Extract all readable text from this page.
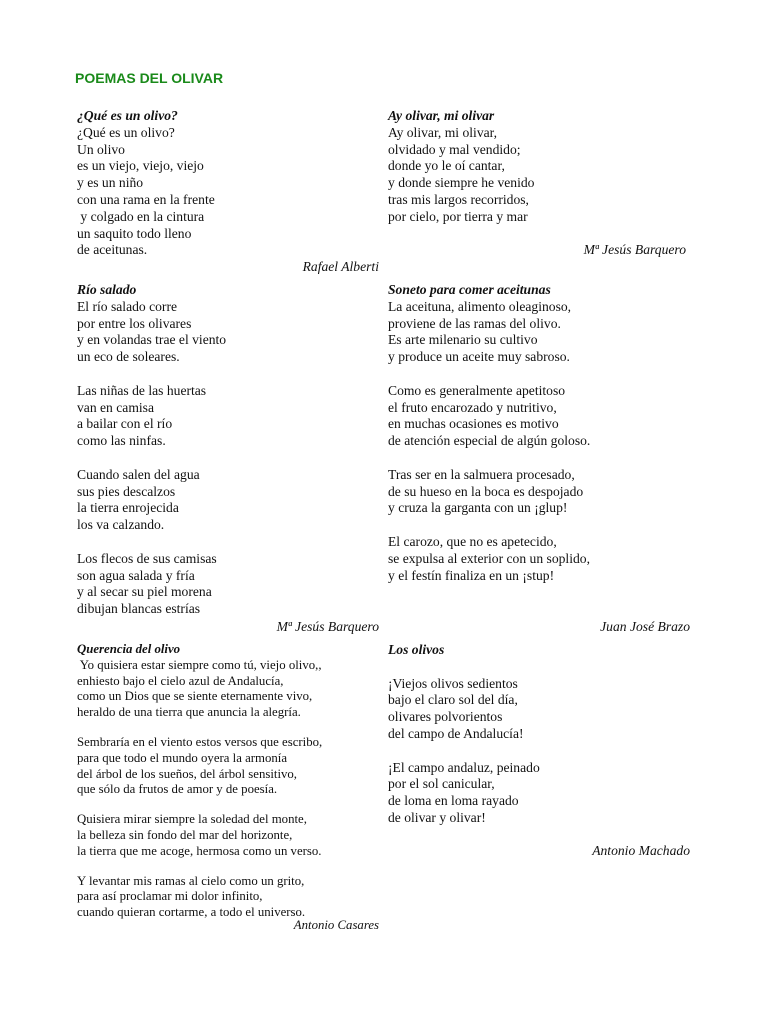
POEMAS DEL OLIVAR
¿Qué es un olivo?
¿Qué es un olivo?
Un olivo
es un viejo, viejo, viejo
y es un niño
con una rama en la frente
y colgado en la cintura
un saquito todo lleno
de aceitunas.
Rafael Alberti
Ay olivar, mi olivar
Ay olivar, mi olivar,
olvidado y mal vendido;
donde yo le oí cantar,
y donde siempre he venido
tras mis largos recorridos,
por cielo, por tierra y mar
Mª Jesús Barquero
Río salado
El río salado corre
por entre los olivares
y en volandas trae el viento
un eco de soleares.
Las niñas de las huertas
van en camisa
a bailar con el río
como las ninfas.
Cuando salen del agua
sus pies descalzos
la tierra enrojecida
los va calzando.
Los flecos de sus camisas
son agua salada y fría
y al secar su piel morena
dibujan blancas estrías
Mª Jesús Barquero
Soneto para comer aceitunas
La aceituna, alimento oleaginoso,
proviene de las ramas del olivo.
Es arte milenario su cultivo
y produce un aceite muy sabroso.
Como es generalmente apetitoso
el fruto encarozado y nutritivo,
en muchas ocasiones es motivo
de atención especial de algún goloso.
Tras ser en la salmuera procesado,
de su hueso en la boca es despojado
y cruza la garganta con un ¡glup!
El carozo, que no es apetecido,
se expulsa al exterior con un soplido,
y el festín finaliza en un ¡stup!
Juan José Brazo
Querencia del olivo
Yo quisiera estar siempre como tú, viejo olivo,,
enhiesto bajo el cielo azul de Andalucía,
como un Dios que se siente eternamente vivo,
heraldo de una tierra que anuncia la alegría.
Sembraría en el viento estos versos que escribo,
para que todo el mundo oyera la armonía
del árbol de los sueños, del árbol sensitivo,
que sólo da frutos de amor y de poesía.
Quisiera mirar siempre la soledad del monte,
la belleza sin fondo del mar del horizonte,
la tierra que me acoge, hermosa como un verso.
Y levantar mis ramas al cielo como un grito,
para así proclamar mi dolor infinito,
cuando quieran cortarme, a todo el universo.
Antonio Casares
Los olivos
¡Viejos olivos sedientos
bajo el claro sol del día,
olivares polvorientos
del campo de Andalucía!
¡El campo andaluz, peinado
por el sol canicular,
de loma en loma rayado
de olivar y olivar!
Antonio Machado
